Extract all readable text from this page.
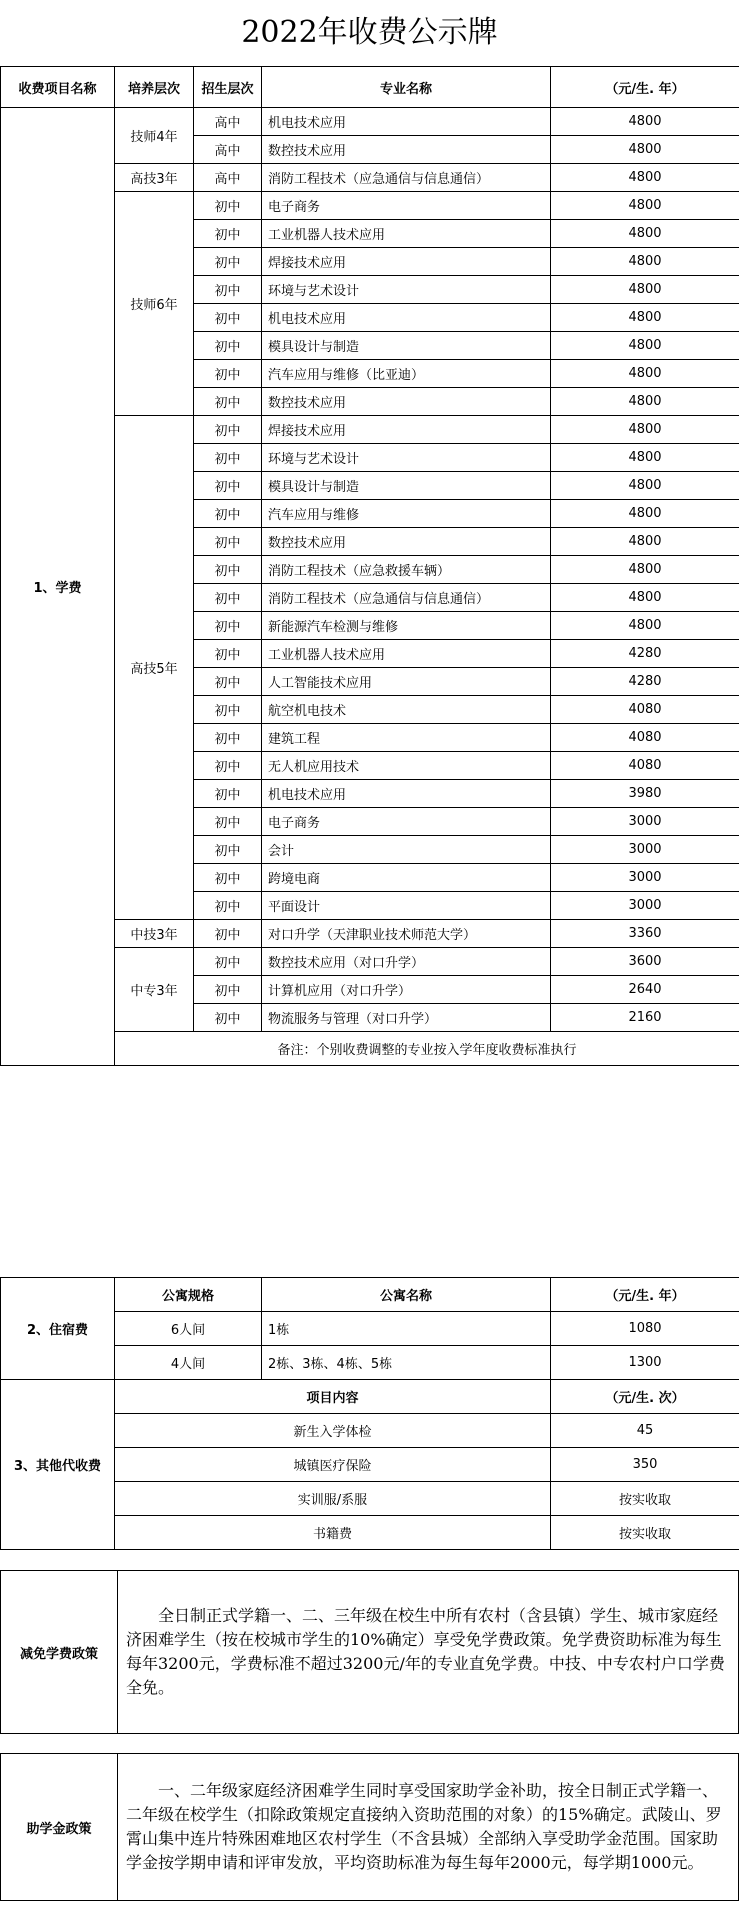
2022年收费公示牌
收费项目名称	培养层次	招生层次	专业名称	（元/生. 年）
1、学费	技师4年	高中	机电技术应用	4800
		高中	数控技术应用	4800
	高技3年	高中	消防工程技术（应急通信与信息通信）	4800
	技师6年	初中	电子商务	4800
		初中	工业机器人技术应用	4800
		初中	焊接技术应用	4800
		初中	环境与艺术设计	4800
		初中	机电技术应用	4800
		初中	模具设计与制造	4800
		初中	汽车应用与维修（比亚迪）	4800
		初中	数控技术应用	4800
	高技5年	初中	焊接技术应用	4800
		初中	环境与艺术设计	4800
		初中	模具设计与制造	4800
		初中	汽车应用与维修	4800
		初中	数控技术应用	4800
		初中	消防工程技术（应急救援车辆）	4800
		初中	消防工程技术（应急通信与信息通信）	4800
		初中	新能源汽车检测与维修	4800
		初中	工业机器人技术应用	4280
		初中	人工智能技术应用	4280
		初中	航空机电技术	4080
		初中	建筑工程	4080
		初中	无人机应用技术	4080
		初中	机电技术应用	3980
		初中	电子商务	3000
		初中	会计	3000
		初中	跨境电商	3000
		初中	平面设计	3000
	中技3年	初中	对口升学（天津职业技术师范大学）	3360
	中专3年	初中	数控技术应用（对口升学）	3600
		初中	计算机应用（对口升学）	2640
		初中	物流服务与管理（对口升学）	2160
	备注：个别收费调整的专业按入学年度收费标准执行			
2、住宿费	公寓规格	公寓名称	（元/生. 年）
	6人间	1栋	1080
	4人间	2栋、3栋、4栋、5栋	1300
3、其他代收费	项目内容	（元/生. 次）
	新生入学体检	45
	城镇医疗保险	350
	实训服/系服	按实收取
	书籍费	按实收取
减免学费政策	全日制正式学籍一、二、三年级在校生中所有农村（含县镇）学生、城市家庭经济困难学生（按在校城市学生的10%确定）享受免学费政策。免学费资助标准为每生每年3200元，学费标准不超过3200元/年的专业直免学费。中技、中专农村户口学费全免。
助学金政策	一、二年级家庭经济困难学生同时享受国家助学金补助，按全日制正式学籍一、二年级在校学生（扣除政策规定直接纳入资助范围的对象）的15%确定。武陵山、罗霄山集中连片特殊困难地区农村学生（不含县城）全部纳入享受助学金范围。国家助学金按学期申请和评审发放，平均资助标准为每生每年2000元，每学期1000元。
